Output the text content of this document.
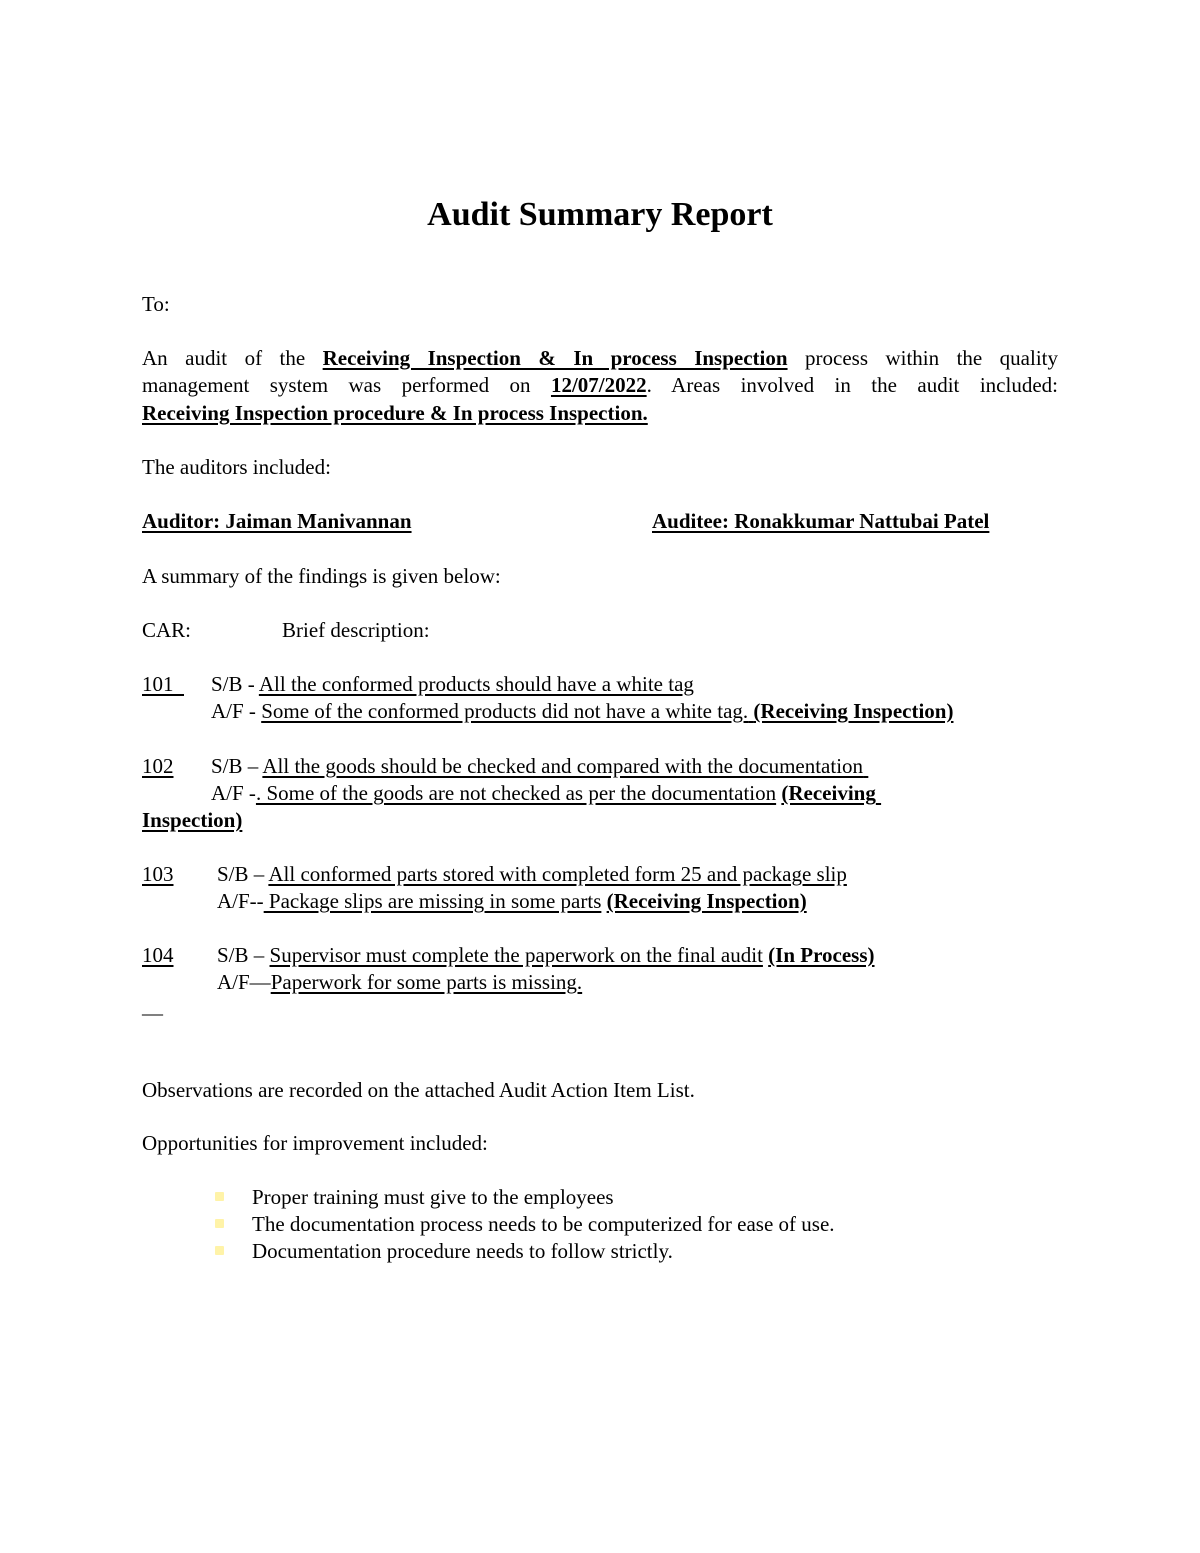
Audit Summary Report
To:
An audit of the Receiving Inspection & In process Inspection process within the quality
management system was performed on 12/07/2022. Areas involved in the audit included:
Receiving Inspection procedure & In process Inspection.
The auditors included:
Auditor: Jaiman Manivannan	Auditee: Ronakkumar Nattubai Patel
A summary of the findings is given below:
CAR:	Brief description:
101	S/B - All the conformed products should have a white tag
A/F - Some of the conformed products did not have a white tag. (Receiving Inspection)
102 S/B – All the goods should be checked and compared with the documentation
A/F -. Some of the goods are not checked as per the documentation (Receiving
Inspection)
103 S/B – All conformed parts stored with completed form 25 and package slip
A/F-- Package slips are missing in some parts (Receiving Inspection)
104 S/B – Supervisor must complete the paperwork on the final audit (In Process)
A/F—Paperwork for some parts is missing.
—
Observations are recorded on the attached Audit Action Item List.
Opportunities for improvement included:
Proper training must give to the employees
The documentation process needs to be computerized for ease of use.
Documentation procedure needs to follow strictly.
